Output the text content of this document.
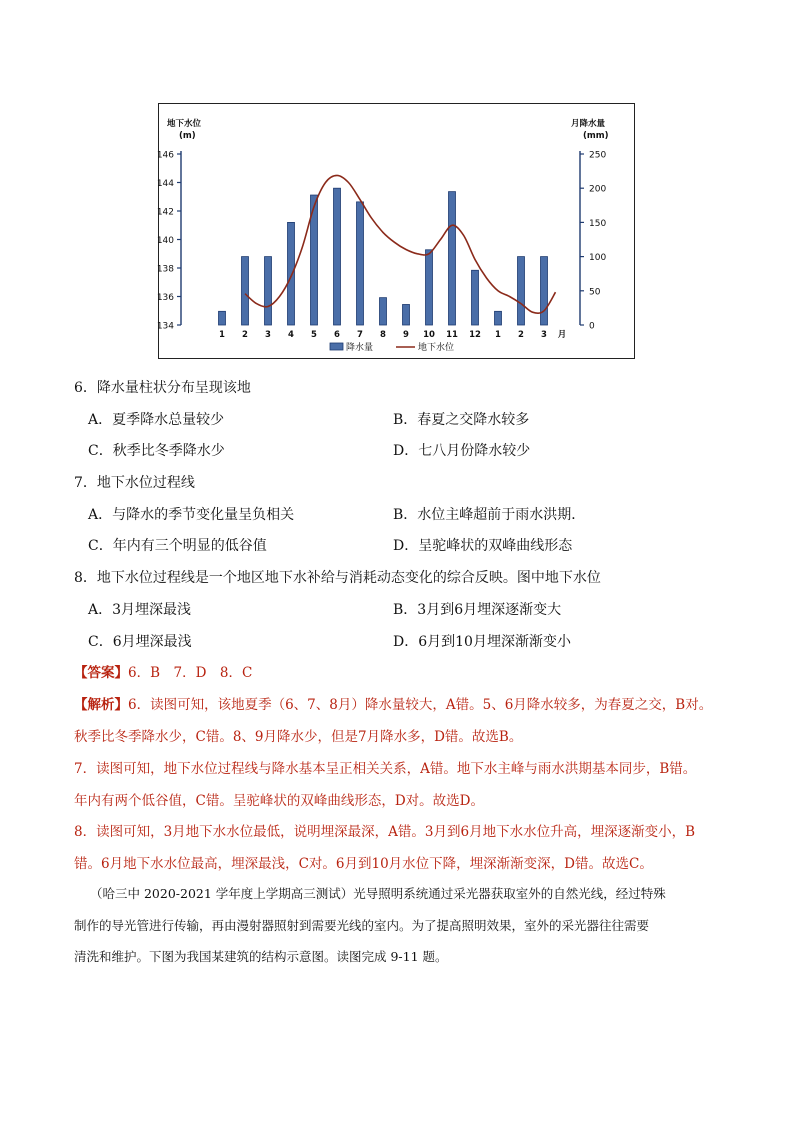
地下水位
(m)
月降水量
(mm)
134
136
138
140
142
144
146
0
50
100
150
200
250
1 2 3 4 5 6 7 8 9 10 11 12 1 2 3 月
降水量	地下水位
6．降水量柱状分布呈现该地
A．夏季降水总量较少	B．春夏之交降水较多
C．秋季比冬季降水少	D．七八月份降水较少
7．地下水位过程线
A．与降水的季节变化量呈负相关	B．水位主峰超前于雨水洪期．
C．年内有三个明显的低谷值	D．呈驼峰状的双峰曲线形态
8．地下水位过程线是一个地区地下水补给与消耗动态变化的综合反映。图中地下水位
A．3月埋深最浅	B．3月到6月埋深逐渐变大
C．6月埋深最浅	D．6月到10月埋深渐渐变小
【答案】6．B　7．D　8．C
【解析】6．读图可知，该地夏季（6、7、8月）降水量较大，A错。5、6月降水较多，为春夏之交，B对。
秋季比冬季降水少，C错。8、9月降水少，但是7月降水多，D错。故选B。
7．读图可知，地下水位过程线与降水基本呈正相关关系，A错。地下水主峰与雨水洪期基本同步，B错。
年内有两个低谷值，C错。呈驼峰状的双峰曲线形态，D对。故选D。
8．读图可知，3月地下水水位最低，说明埋深最深，A错。3月到6月地下水水位升高，埋深逐渐变小，B
错。6月地下水水位最高，埋深最浅，C对。6月到10月水位下降，埋深渐渐变深，D错。故选C。
（哈三中 2020-2021 学年度上学期高三测试）光导照明系统通过采光器获取室外的自然光线，经过特殊
制作的导光管进行传输，再由漫射器照射到需要光线的室内。为了提高照明效果，室外的采光器往往需要
清洗和维护。下图为我国某建筑的结构示意图。读图完成 9-11 题。
